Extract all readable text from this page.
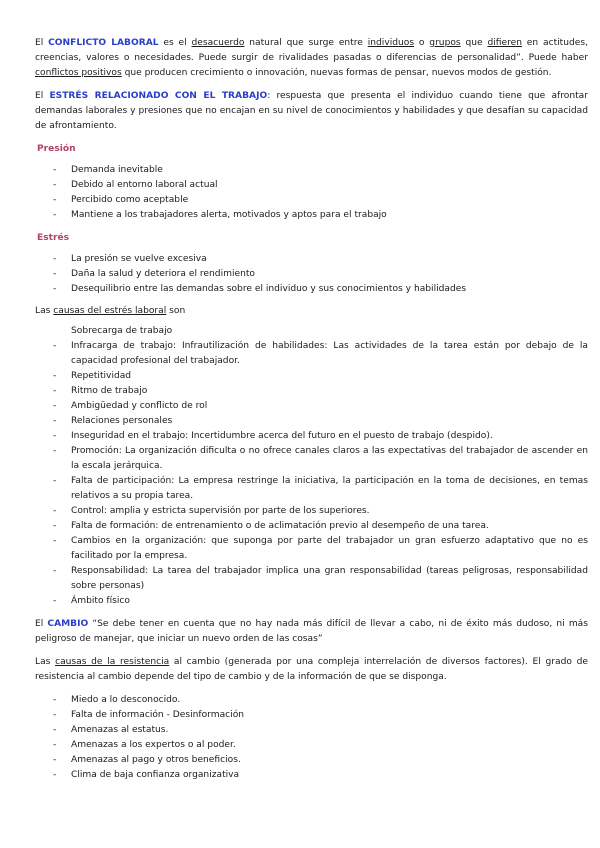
El CONFLICTO LABORAL es el desacuerdo natural que surge entre individuos o grupos que difieren en actitudes, creencias, valores o necesidades. Puede surgir de rivalidades pasadas o diferencias de personalidad”. Puede haber conflictos positivos que producen crecimiento o innovación, nuevas formas de pensar, nuevos modos de gestión.

El ESTRÉS RELACIONADO CON EL TRABAJO: respuesta que presenta el individuo cuando tiene que afrontar demandas laborales y presiones que no encajan en su nivel de conocimientos y habilidades y que desafían su capacidad de afrontamiento.

Presión

- Demanda inevitable
- Debido al entorno laboral actual
- Percibido como aceptable
- Mantiene a los trabajadores alerta, motivados y aptos para el trabajo

Estrés

- La presión se vuelve excesiva
- Daña la salud y deteriora el rendimiento
- Desequilibrio entre las demandas sobre el individuo y sus conocimientos y habilidades

Las causas del estrés laboral son

Sobrecarga de trabajo
- Infracarga de trabajo: Infrautilización de habilidades: Las actividades de la tarea están por debajo de la capacidad profesional del trabajador.
- Repetitividad
- Ritmo de trabajo
- Ambigüedad y conflicto de rol
- Relaciones personales
- Inseguridad en el trabajo: Incertidumbre acerca del futuro en el puesto de trabajo (despido).
- Promoción: La organización dificulta o no ofrece canales claros a las expectativas del trabajador de ascender en la escala jerárquica.
- Falta de participación: La empresa restringe la iniciativa, la participación en la toma de decisiones, en temas relativos a su propia tarea.
- Control: amplia y estricta supervisión por parte de los superiores.
- Falta de formación: de entrenamiento o de aclimatación previo al desempeño de una tarea.
- Cambios en la organización: que suponga por parte del trabajador un gran esfuerzo adaptativo que no es facilitado por la empresa.
- Responsabilidad: La tarea del trabajador implica una gran responsabilidad (tareas peligrosas, responsabilidad sobre personas)
- Ámbito físico

El CAMBIO “Se debe tener en cuenta que no hay nada más difícil de llevar a cabo, ni de éxito más dudoso, ni más peligroso de manejar, que iniciar un nuevo orden de las cosas”

Las causas de la resistencia al cambio (generada por una compleja interrelación de diversos factores). El grado de resistencia al cambio depende del tipo de cambio y de la información de que se disponga.

- Miedo a lo desconocido.
- Falta de información - Desinformación
- Amenazas al estatus.
- Amenazas a los expertos o al poder.
- Amenazas al pago y otros beneficios.
- Clima de baja confianza organizativa
